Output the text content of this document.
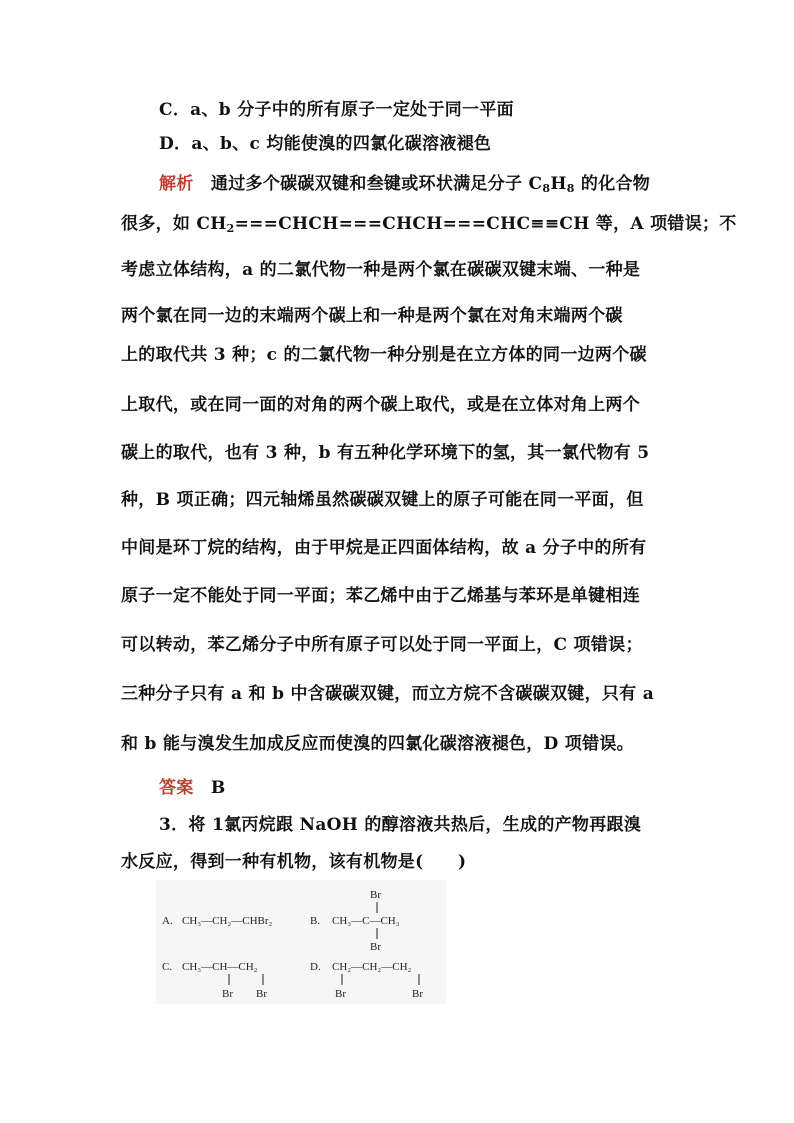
C．a、b 分子中的所有原子一定处于同一平面
D．a、b、c 均能使溴的四氯化碳溶液褪色
解析　 通过多个碳碳双键和叁键或环状满足分子 $C_8H_8$ 的化合物
很多，如 $CH_2===CHCH===CHCH===CHC\equiv\equiv CH$ 等，A 项错误；不
考虑立体结构，a 的二氯代物一种是两个氯在碳碳双键末端、一种是
两个氯在同一边的末端两个碳上和一种是两个氯在对角末端两个碳
上的取代共 3 种；c 的二氯代物一种分别是在立方体的同一边两个碳
上取代，或在同一面的对角的两个碳上取代，或是在立体对角上两个
碳上的取代，也有 3 种，b 有五种化学环境下的氢，其一氯代物有 5
种，B 项正确；四元轴烯虽然碳碳双键上的原子可能在同一平面，但
中间是环丁烷的结构，由于甲烷是正四面体结构，故 a 分子中的所有
原子一定不能处于同一平面；苯乙烯中由于乙烯基与苯环是单键相连
可以转动，苯乙烯分子中所有原子可以处于同一平面上，C 项错误；
三种分子只有 a 和 b 中含碳碳双键，而立方烷不含碳碳双键，只有 a
和 b 能与溴发生加成反应而使溴的四氯化碳溶液褪色，D 项错误。
答案　 B
3．将 1氯丙烷跟 NaOH 的醇溶液共热后，生成的产物再跟溴
水反应，得到一种有机物，该有机物是(　　)
A. CH₃—CH₂—CHBr₂	B.
Br
CH₃—C—CH₃
Br
C. CH₃—CH—CH₂
Br Br
D. CH₂—CH₂—CH₂
Br	Br
